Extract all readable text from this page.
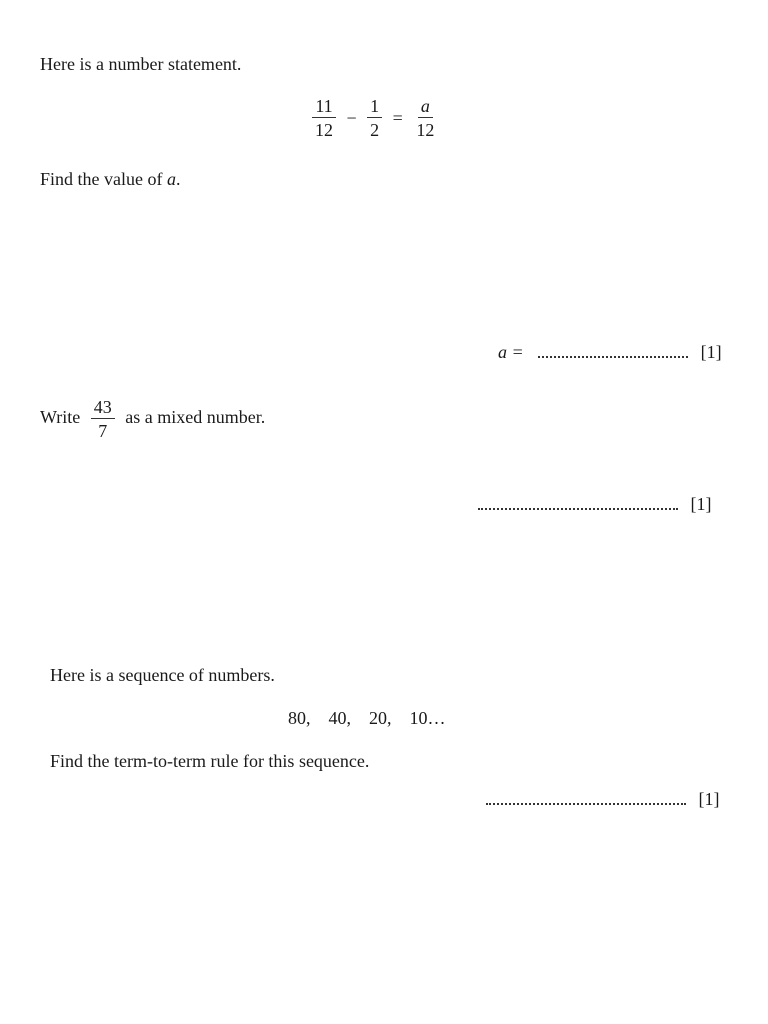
Here is a number statement.
$\frac{11}{12} - \frac{1}{2} = \frac{a}{12}$
Find the value of a.
a =	[1]
Write $\frac{43}{7}$ as a mixed number.
[1]
Here is a sequence of numbers.
80,    40,    20,    10…
Find the term-to-term rule for this sequence.
[1]
